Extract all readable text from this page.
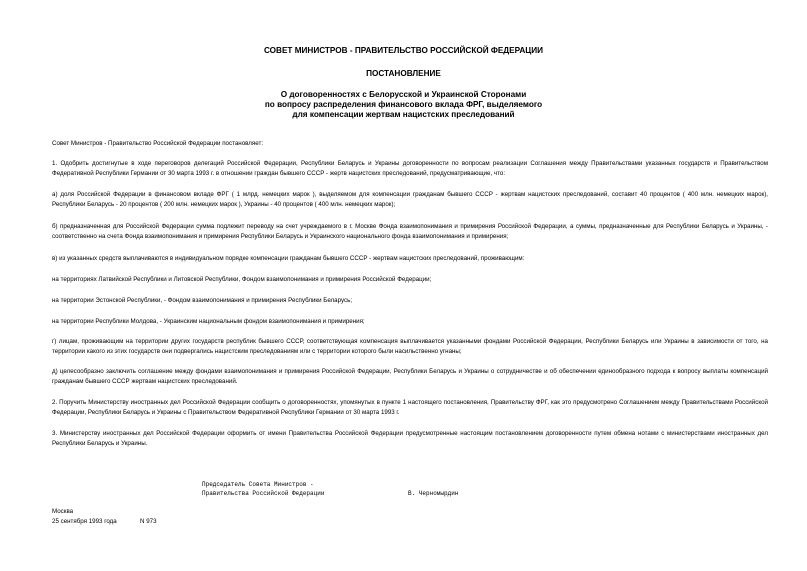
СОВЕТ МИНИСТРОВ - ПРАВИТЕЛЬСТВО РОССИЙСКОЙ ФЕДЕРАЦИИ
ПОСТАНОВЛЕНИЕ
О договоренностях с Белорусской и Украинской Сторонами
по вопросу распределения финансового вклада ФРГ, выделяемого
для компенсации жертвам нацистских преследований
Совет Министров - Правительство Российской Федерации постановляет:
1. Одобрить достигнутые в ходе переговоров делегаций Российской Федерации, Республики Беларусь и Украины договоренности по вопросам реализации Соглашения между Правительствами указанных государств и Правительством Федеративной Республики Германии от 30 марта 1993 г. в отношении граждан бывшего СССР - жертв нацистских преследований, предусматривающие, что:
а) доля Российской Федерации в финансовом вкладе ФРГ ( 1 млрд. немецких марок ), выделяемом для компенсации гражданам бывшего СССР - жертвам нацистских преследований, составит 40 процентов ( 400 млн. немецких марок), Республики Беларусь - 20 процентов ( 200 млн. немецких марок ), Украины - 40 процентов ( 400 млн. немецких марок);
б) предназначенная для Российской Федерации сумма подлежит переводу на счет учреждаемого в г. Москве Фонда взаимопонимания и примирения Российской Федерации, а суммы, предназначенные для Республики Беларусь и Украины, - соответственно на счета Фонда взаимопонимания и примирения Республики Беларусь и Украинского национального фонда взаимопонимания и примирения;
в) из указанных средств выплачиваются в индивидуальном порядке компенсации гражданам бывшего СССР - жертвам нацистских преследований, проживающим:
на территориях Латвийской Республики и Литовской Республики, Фондом взаимопонимания и примирения Российской Федерации;
на территории Эстонской Республики, - Фондом взаимопонимания и примирения Республики Беларусь;
на территории Республики Молдова, - Украинским национальным фондом взаимопонимания и примирения;
г) лицам, проживающим на территории других государств республик бывшего СССР, соответствующая компенсация выплачивается указанными фондами Российской Федерации, Республики Беларусь или Украины в зависимости от того, на территории какого из этих государств они подвергались нацистским преследованиям или с территории которого были насильственно угнаны;
д) целесообразно заключить соглашение между фондами взаимопонимания и примирения Российской Федерации, Республики Беларусь и Украины о сотрудничестве и об обеспечении единообразного подхода к вопросу выплаты компенсаций гражданам бывшего СССР жертвам нацистских преследований.
2. Поручить Министерству иностранных дел Российской Федерации сообщить о договоренностях, упомянутых в пункте 1 настоящего постановления, Правительству ФРГ, как это предусмотрено Соглашением между Правительствами Российской Федерации, Республики Беларусь и Украины с Правительством Федеративной Республики Германии от 30 марта 1993 г.
3. Министерству иностранных дел Российской Федерации оформить от имени Правительства Российской Федерации предусмотренные настоящим постановлением договоренности путем обмена нотами с министерствами иностранных дел Республики Беларусь и Украины.
Председатель Совета Министров -
Правительства Российской Федерации	В. Черномырдин
Москва
25 сентября 1993 года	N 973
